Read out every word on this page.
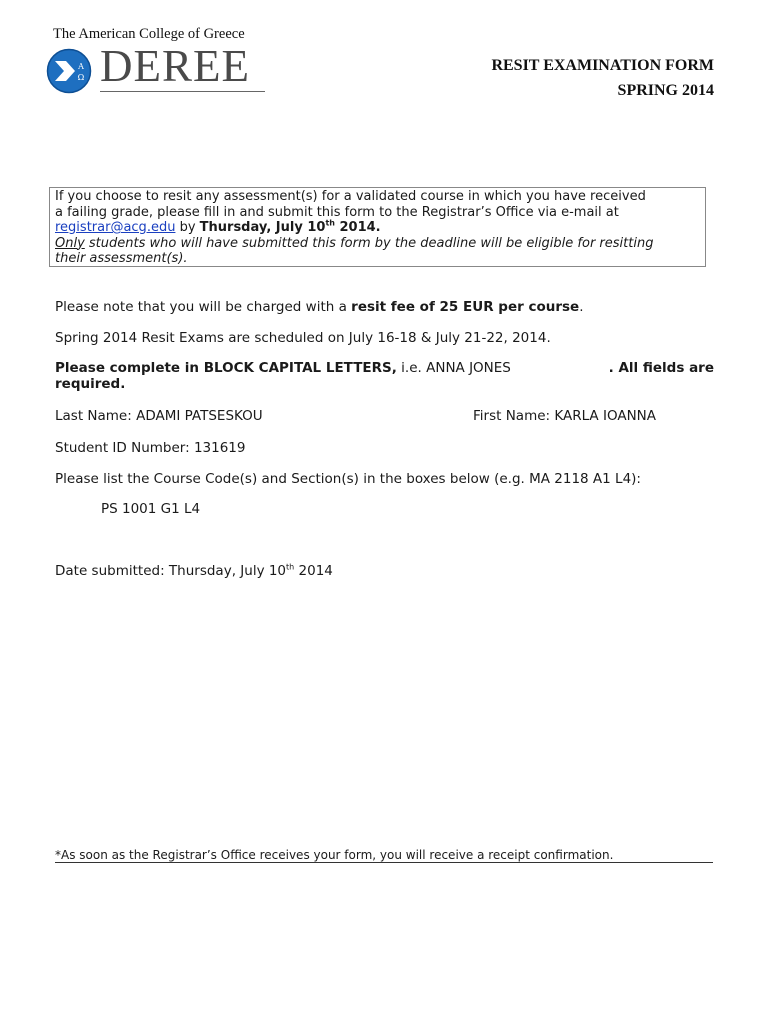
The American College of Greece
A
Ω DEREE	RESIT EXAMINATION FORM
SPRING 2014
If you choose to resit any assessment(s) for a validated course in which you have received
a failing grade, please fill in and submit this form to the Registrar’s Office via e-mail at
registrar@acg.edu by Thursday, July 10th 2014.
Only students who will have submitted this form by the deadline will be eligible for resitting
their assessment(s).
Please note that you will be charged with a resit fee of 25 EUR per course.
Spring 2014 Resit Exams are scheduled on July 16-18 & July 21-22, 2014.
Please complete in BLOCK CAPITAL LETTERS, i.e. ANNA JONES	. All fields are
required.
Last Name: ADAMI PATSESKOU	First Name: KARLA IOANNA
Student ID Number: 131619
Please list the Course Code(s) and Section(s) in the boxes below (e.g. MA 2118 A1 L4):
PS 1001 G1 L4
Date submitted: Thursday, July 10th 2014
*As soon as the Registrar’s Office receives your form, you will receive a receipt confirmation.
